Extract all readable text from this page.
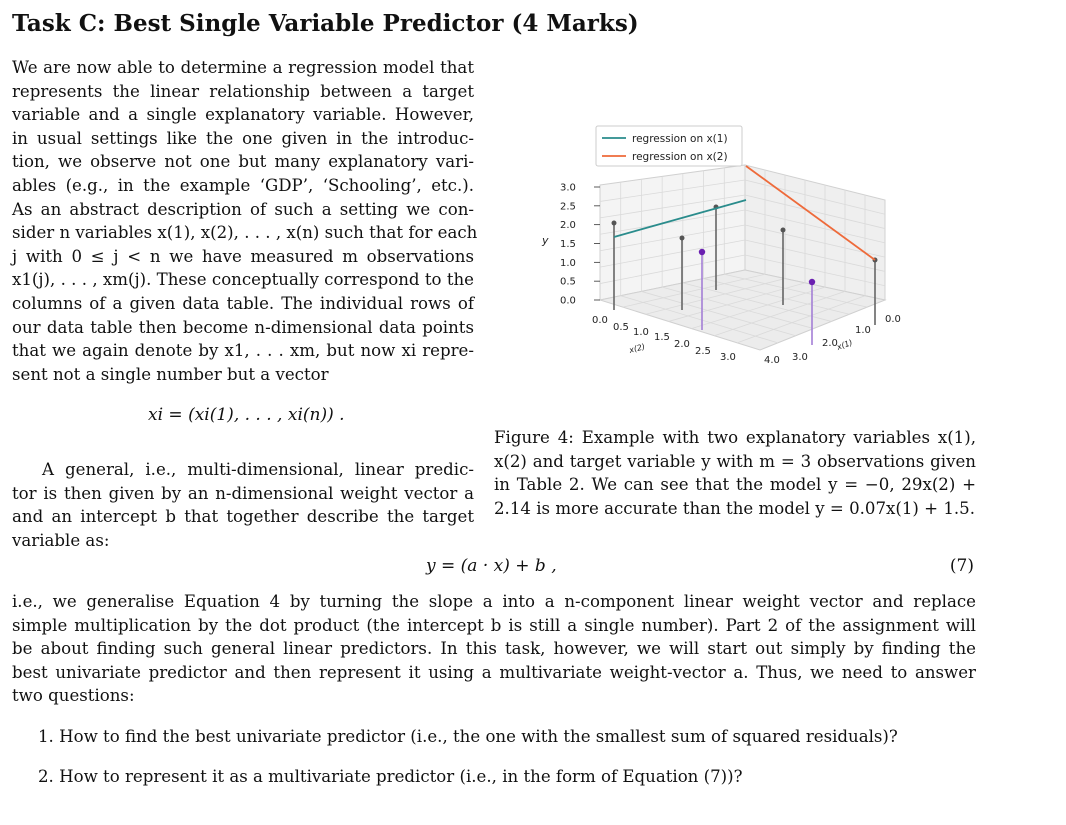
Task C: Best Single Variable Predictor (4 Marks)
We are now able to determine a regression model that
represents the linear relationship between a target
variable and a single explanatory variable. However,
in usual settings like the one given in the introduc-
tion, we observe not one but many explanatory vari-
ables (e.g., in the example ‘GDP’, ‘Schooling’, etc.).
As an abstract description of such a setting we con-
sider n variables x(1), x(2), . . . , x(n) such that for each
j with 0 ≤ j < n we have measured m observations
x1(j), . . . , xm(j). These conceptually correspond to the
columns of a given data table. The individual rows of
our data table then become n-dimensional data points
that we again denote by x1, . . . xm, but now xi repre-
sent not a single number but a vector
xi = (xi(1), . . . , xi(n)) .
A general, i.e., multi-dimensional, linear predic-
tor is then given by an n-dimensional weight vector a
and an intercept b that together describe the target
variable as:
3.0
2.5
2.0
1.5
1.0
0.5
0.0
y
0.0
0.5 1.0 1.5
2.0
2.5
3.0	4.0
x(2)
3.0
2.0
1.0
0.0
x(1)
regression on x(1)
regression on x(2)
Figure 4: Example with two explanatory variables x(1),
x(2) and target variable y with m = 3 observations given
in Table 2. We can see that the model y = −0, 29x(2) +
2.14 is more accurate than the model y = 0.07x(1) + 1.5.
y = (a · x) + b ,	(7)
i.e., we generalise Equation 4 by turning the slope a into a n-component linear weight vector and replace
simple multiplication by the dot product (the intercept b is still a single number). Part 2 of the assignment will
be about finding such general linear predictors. In this task, however, we will start out simply by finding the
best univariate predictor and then represent it using a multivariate weight-vector a. Thus, we need to answer
two questions:
1. How to find the best univariate predictor (i.e., the one with the smallest sum of squared residuals)?
2. How to represent it as a multivariate predictor (i.e., in the form of Equation (7))?
